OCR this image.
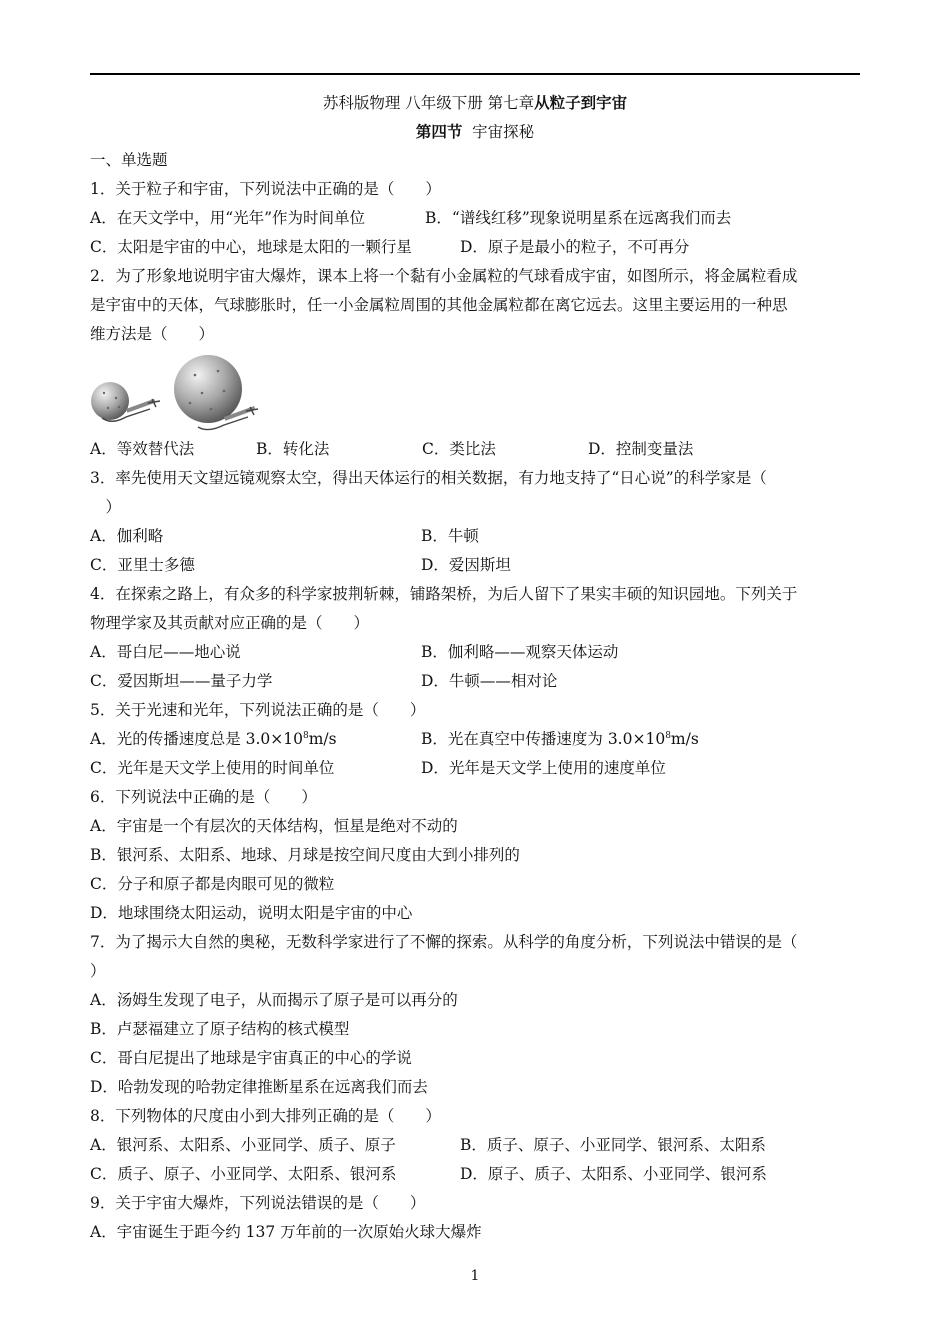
苏科版物理 八年级下册 第七章从粒子到宇宙
第四节  宇宙探秘
一、单选题
1．关于粒子和宇宙，下列说法中正确的是（　　）
A．在天文学中，用“光年”作为时间单位	B．“谱线红移”现象说明星系在远离我们而去
C．太阳是宇宙的中心，地球是太阳的一颗行星	D．原子是最小的粒子，不可再分
2．为了形象地说明宇宙大爆炸，课本上将一个黏有小金属粒的气球看成宇宙，如图所示，将金属粒看成
是宇宙中的天体，气球膨胀时，任一小金属粒周围的其他金属粒都在离它远去。这里主要运用的一种思
维方法是（　　）
A．等效替代法	B．转化法	C．类比法	D．控制变量法
3．率先使用天文望远镜观察太空，得出天体运行的相关数据，有力地支持了“日心说”的科学家是（
　）
A．伽利略	B．牛顿
C．亚里士多德	D．爱因斯坦
4．在探索之路上，有众多的科学家披荆斩棘，铺路架桥，为后人留下了果实丰硕的知识园地。下列关于
物理学家及其贡献对应正确的是（　　）
A．哥白尼——地心说	B．伽利略——观察天体运动
C．爱因斯坦——量子力学	D．牛顿——相对论
5．关于光速和光年，下列说法正确的是（　　）
A．光的传播速度总是 $3.0\times 10^8m/s$	B．光在真空中传播速度为 $3.0\times 10^8m/s$
C．光年是天文学上使用的时间单位	D．光年是天文学上使用的速度单位
6．下列说法中正确的是（　　）
A．宇宙是一个有层次的天体结构，恒星是绝对不动的
B．银河系、太阳系、地球、月球是按空间尺度由大到小排列的
C．分子和原子都是肉眼可见的微粒
D．地球围绕太阳运动，说明太阳是宇宙的中心
7．为了揭示大自然的奥秘，无数科学家进行了不懈的探索。从科学的角度分析，下列说法中错误的是（
）
A．汤姆生发现了电子，从而揭示了原子是可以再分的
B．卢瑟福建立了原子结构的核式模型
C．哥白尼提出了地球是宇宙真正的中心的学说
D．哈勃发现的哈勃定律推断星系在远离我们而去
8．下列物体的尺度由小到大排列正确的是（　　）
A．银河系、太阳系、小亚同学、质子、原子	B．质子、原子、小亚同学、银河系、太阳系
C．质子、原子、小亚同学、太阳系、银河系	D．原子、质子、太阳系、小亚同学、银河系
9．关于宇宙大爆炸，下列说法错误的是（　　）
A．宇宙诞生于距今约 137 万年前的一次原始火球大爆炸
1
